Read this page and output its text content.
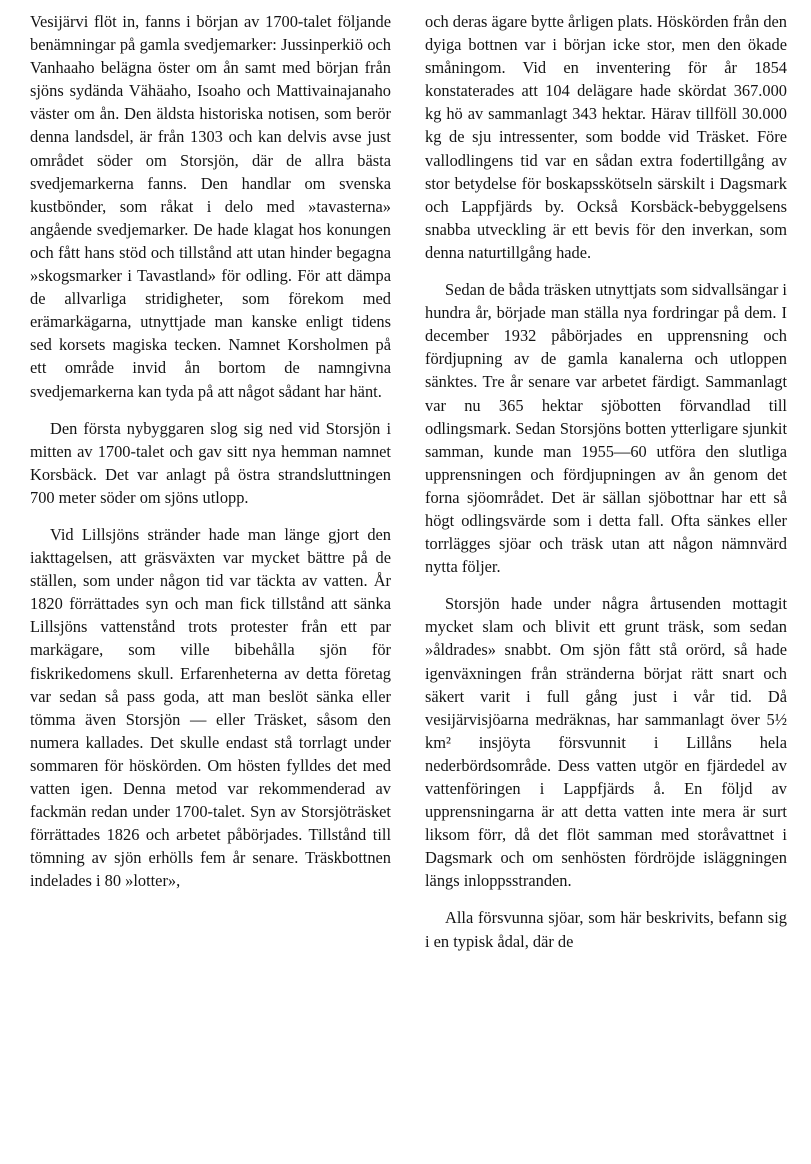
Vesijärvi flöt in, fanns i början av 1700-talet följande benämningar på gamla svedjemarker: Jussinperkiö och Vanhaaho belägna öster om ån samt med början från sjöns sydända Vähäaho, Isoaho och Mattivainajanaho väster om ån. Den äldsta historiska notisen, som berör denna landsdel, är från 1303 och kan delvis avse just området söder om Storsjön, där de allra bästa svedjemarkerna fanns. Den handlar om svenska kustbönder, som råkat i delo med »tavasterna» angående svedjemarker. De hade klagat hos konungen och fått hans stöd och tillstånd att utan hinder begagna »skogsmarker i Tavastland» för odling. För att dämpa de allvarliga stridigheter, som förekom med erämarkägarna, utnyttjade man kanske enligt tidens sed korsets magiska tecken. Namnet Korsholmen på ett område invid ån bortom de namngivna svedjemarkerna kan tyda på att något sådant har hänt.

Den första nybyggaren slog sig ned vid Storsjön i mitten av 1700-talet och gav sitt nya hemman namnet Korsbäck. Det var anlagt på östra strandsluttningen 700 meter söder om sjöns utlopp.

Vid Lillsjöns stränder hade man länge gjort den iakttagelsen, att gräsväxten var mycket bättre på de ställen, som under någon tid var täckta av vatten. År 1820 förrättades syn och man fick tillstånd att sänka Lillsjöns vattenstånd trots protester från ett par markägare, som ville bibehålla sjön för fiskrikedomens skull. Erfarenheterna av detta företag var sedan så pass goda, att man beslöt sänka eller tömma även Storsjön — eller Träsket, såsom den numera kallades. Det skulle endast stå torrlagt under sommaren för höskörden. Om hösten fylldes det med vatten igen. Denna metod var rekommenderad av fackmän redan under 1700-talet. Syn av Storsjöträsket förrättades 1826 och arbetet påbörjades. Tillstånd till tömning av sjön erhölls fem år senare. Träskbottnen indelades i 80 »lotter»,

och deras ägare bytte årligen plats. Höskörden från den dyiga bottnen var i början icke stor, men den ökade småningom. Vid en inventering för år 1854 konstaterades att 104 delägare hade skördat 367.000 kg hö av sammanlagt 343 hektar. Härav tillföll 30.000 kg de sju intressenter, som bodde vid Träsket. Före vallodlingens tid var en sådan extra fodertillgång av stor betydelse för boskapsskötseln särskilt i Dagsmark och Lappfjärds by. Också Korsbäck-bebyggelsens snabba utveckling är ett bevis för den inverkan, som denna naturtillgång hade.

Sedan de båda träsken utnyttjats som sidvallsängar i hundra år, började man ställa nya fordringar på dem. I december 1932 påbörjades en upprensning och fördjupning av de gamla kanalerna och utloppen sänktes. Tre år senare var arbetet färdigt. Sammanlagt var nu 365 hektar sjöbotten förvandlad till odlingsmark. Sedan Storsjöns botten ytterligare sjunkit samman, kunde man 1955—60 utföra den slutliga upprensningen och fördjupningen av ån genom det forna sjöområdet. Det är sällan sjöbottnar har ett så högt odlingsvärde som i detta fall. Ofta sänkes eller torrlägges sjöar och träsk utan att någon nämnvärd nytta följer.

Storsjön hade under några årtusenden mottagit mycket slam och blivit ett grunt träsk, som sedan »åldrades» snabbt. Om sjön fått stå orörd, så hade igenväxningen från stränderna börjat rätt snart och säkert varit i full gång just i vår tid. Då vesijärvisjöarna medräknas, har sammanlagt över 5½ km² insjöyta försvunnit i Lillåns hela nederbördsområde. Dess vatten utgör en fjärdedel av vattenföringen i Lappfjärds å. En följd av upprensningarna är att detta vatten inte mera är surt liksom förr, då det flöt samman med storåvattnet i Dagsmark och om senhösten fördröjde isläggningen längs inloppsstranden.

Alla försvunna sjöar, som här beskrivits, befann sig i en typisk ådal, där de
